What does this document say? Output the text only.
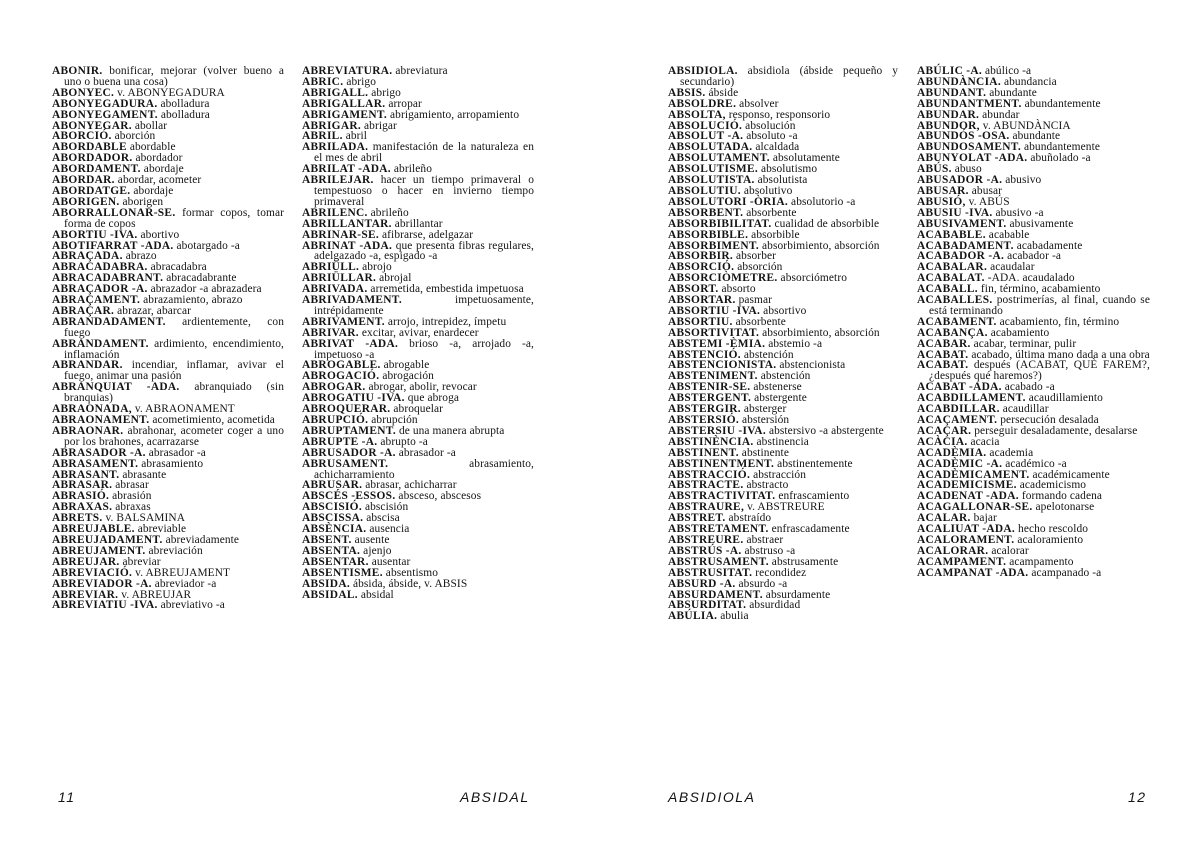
ABONIR. bonificar, mejorar (volver bueno a uno o buena una cosa)

ABONYEC. v. ABONYEGADURA

ABONYEGADURA. abolladura

ABONYEGAMENT. abolladura

ABONYEGAR. abollar

ABORCIÓ. aborción

ABORDABLE abordable

ABORDADOR. abordador

ABORDAMENT. abordaje

ABORDAR. abordar, acometer

ABORDATGE. abordaje

ABORIGEN. aborigen

ABORRALLONAR-SE. formar copos, tomar forma de copos

ABORTIU -IVA. abortivo

ABOTIFARRAT -ADA. abotargado -a

ABRAÇADA. abrazo

ABRACADABRA. abracadabra

ABRACADABRANT. abracadabrante

ABRAÇADOR -A. abrazador -a abrazadera

ABRAÇAMENT. abrazamiento, abrazo

ABRAÇAR. abrazar, abarcar

ABRANDADAMENT. ardientemente, con fuego

ABRANDAMENT. ardimiento, encendimiento, inflamación

ABRANDAR. incendiar, inflamar, avivar el fuego, animar una pasión

ABRANQUIAT -ADA. abranquiado (sin branquias)

ABRAONADA, v. ABRAONAMENT

ABRAONAMENT. acometimiento, acometida

ABRAONAR. abrahonar, acometer coger a uno por los brahones, acarrazarse

ABRASADOR -A. abrasador -a

ABRASAMENT. abrasamiento

ABRASANT. abrasante

ABRASAR. abrasar

ABRASIÓ. abrasión

ABRAXAS. abraxas

ABRETS. v. BALSAMINA

ABREUJABLE. abreviable

ABREUJADAMENT. abreviadamente

ABREUJAMENT. abreviación

ABREUJAR. abreviar

ABREVIACIÓ. v. ABREUJAMENT

ABREVIADOR -A. abreviador -a

ABREVIAR. v. ABREUJAR

ABREVIATIU -IVA. abreviativo -a

ABREVIATURA. abreviatura

ABRIC. abrigo

ABRIGALL. abrigo

ABRIGALLAR. arropar

ABRIGAMENT. abrigamiento, arropamiento

ABRIGAR. abrigar

ABRIL. abril

ABRILADA. manifestación de la naturaleza en el mes de abril

ABRILAT -ADA. abrileño

ABRILEJAR. hacer un tiempo primaveral o tempestuoso o hacer en invierno tiempo primaveral

ABRILENC. abrileño

ABRILLANTAR. abrillantar

ABRINAR-SE. afibrarse, adelgazar

ABRINAT -ADA. que presenta fibras regulares, adelgazado -a, espigado -a

ABRIÜLL. abrojo

ABRIÜLLAR. abrojal

ABRIVADA. arremetida, embestida impetuosa

ABRIVADAMENT.	impetuosamente, intrépidamente

ABRIVAMENT. arrojo, intrepidez, ímpetu

ABRIVAR. excitar, avivar, enardecer

ABRIVAT -ADA. brioso -a, arrojado -a, impetuoso -a

ABROGABLE. abrogable

ABROGACIÓ. abrogación

ABROGAR. abrogar, abolir, revocar

ABROGATIU -IVA. que abroga

ABROQUERAR. abroquelar

ABRUPCIÓ. abrupción

ABRUPTAMENT. de una manera abrupta

ABRUPTE -A. abrupto -a

ABRUSADOR -A. abrasador -a

ABRUSAMENT.	abrasamiento, achicharramiento

ABRUSAR. abrasar, achicharrar

ABSCÉS -ESSOS. absceso, abscesos

ABSCISIÓ. abscisión

ABSCISSA. abscisa

ABSÈNCIA. ausencia

ABSENT. ausente

ABSENTA. ajenjo

ABSENTAR. ausentar

ABSENTISME. absentismo

ABSIDA. ábsida, ábside, v. ABSIS

ABSIDAL. absidal

11	ABSIDAL

ABSIDIOLA. absidiola (ábside pequeño y secundario)

ABSIS. ábside

ABSOLDRE. absolver

ABSOLTA, responso, responsorio

ABSOLUCIÓ. absolución

ABSOLUT -A. absoluto -a

ABSOLUTADA. alcaldada

ABSOLUTAMENT. absolutamente

ABSOLUTISME. absolutismo

ABSOLUTISTA. absolutista

ABSOLUTIU. absolutivo

ABSOLUTORI -ÒRIA. absolutorio -a

ABSORBENT. absorbente

ABSORBIBILITAT. cualidad de absorbible

ABSORBIBLE. absorbible

ABSORBIMENT. absorbimiento, absorción

ABSORBIR. absorber

ABSORCIÓ. absorción

ABSORCIÒMETRE. absorciómetro

ABSORT. absorto

ABSORTAR. pasmar

ABSORTIU -IVA. absortivo

ABSORTIU. absorbente

ABSORTIVITAT. absorbimiento, absorción

ABSTEMI -ÈMIA. abstemio -a

ABSTENCIÓ. abstención

ABSTENCIONISTA. abstencionista

ABSTENIMENT. abstención

ABSTENIR-SE. abstenerse

ABSTERGENT. abstergente

ABSTERGIR. absterger

ABSTERSIÓ. abstersión

ABSTERSIU -IVA. abstersivo -a abstergente

ABSTINÈNCIA. abstinencia

ABSTINENT. abstinente

ABSTINENTMENT. abstinentemente

ABSTRACCIÓ. abstracción

ABSTRACTE. abstracto

ABSTRACTIVITAT. enfrascamiento

ABSTRAURE, v. ABSTREURE

ABSTRET. abstraído

ABSTRETAMENT. enfrascadamente

ABSTREURE. abstraer

ABSTRÚS -A. abstruso -a

ABSTRUSAMENT. abstrusamente

ABSTRUSITAT. recondidez

ABSURD -A. absurdo -a

ABSURDAMENT. absurdamente

ABSURDITAT. absurdidad

ABÚLIA. abulia

ABÚLIC -A. abúlico -a

ABUNDÀNCIA. abundancia

ABUNDANT. abundante

ABUNDANTMENT. abundantemente

ABUNDAR. abundar

ABUNDOR, v. ABUNDÀNCIA

ABUNDÓS -OSA. abundante

ABUNDOSAMENT. abundantemente

ABUNYOLAT -ADA. abuñolado -a

ABÚS. abuso

ABUSADOR -A. abusivo

ABUSAR. abusar

ABUSIÓ, v. ABÚS

ABUSIU -IVA. abusivo -a

ABUSIVAMENT. abusivamente

ACABABLE. acabable

ACABADAMENT. acabadamente

ACABADOR -A. acabador -a

ACABALAR. acaudalar

ACABALAT. -ADA. acaudalado

ACABALL. fin, término, acabamiento

ACABALLES. postrimerías, al final, cuando se está terminando

ACABAMENT. acabamiento, fin, término

ACABANÇA. acabamiento

ACABAR. acabar, terminar, pulir

ACABAT. acabado, última mano dada a una obra

ACABAT. después (ACABAT, QUÈ FAREM?, ¿después qué haremos?)

ACABAT -ADA. acabado -a

ACABDILLAMENT. acaudillamiento

ACABDILLAR. acaudillar

ACAÇAMENT. persecución desalada

ACAÇAR. perseguir desaladamente, desalarse

ACÀCIA. acacia

ACADÈMIA. academia

ACADÈMIC -A. académico -a

ACADÈMICAMENT. académicamente

ACADEMICISME. academicismo

ACADENAT -ADA. formando cadena

ACAGALLONAR-SE. apelotonarse

ACALAR. bajar

ACALIUAT -ADA. hecho rescoldo

ACALORAMENT. acaloramiento

ACALORAR. acalorar

ACAMPAMENT. acampamento

ACAMPANAT -ADA. acampanado -a

ABSIDIOLA	12
